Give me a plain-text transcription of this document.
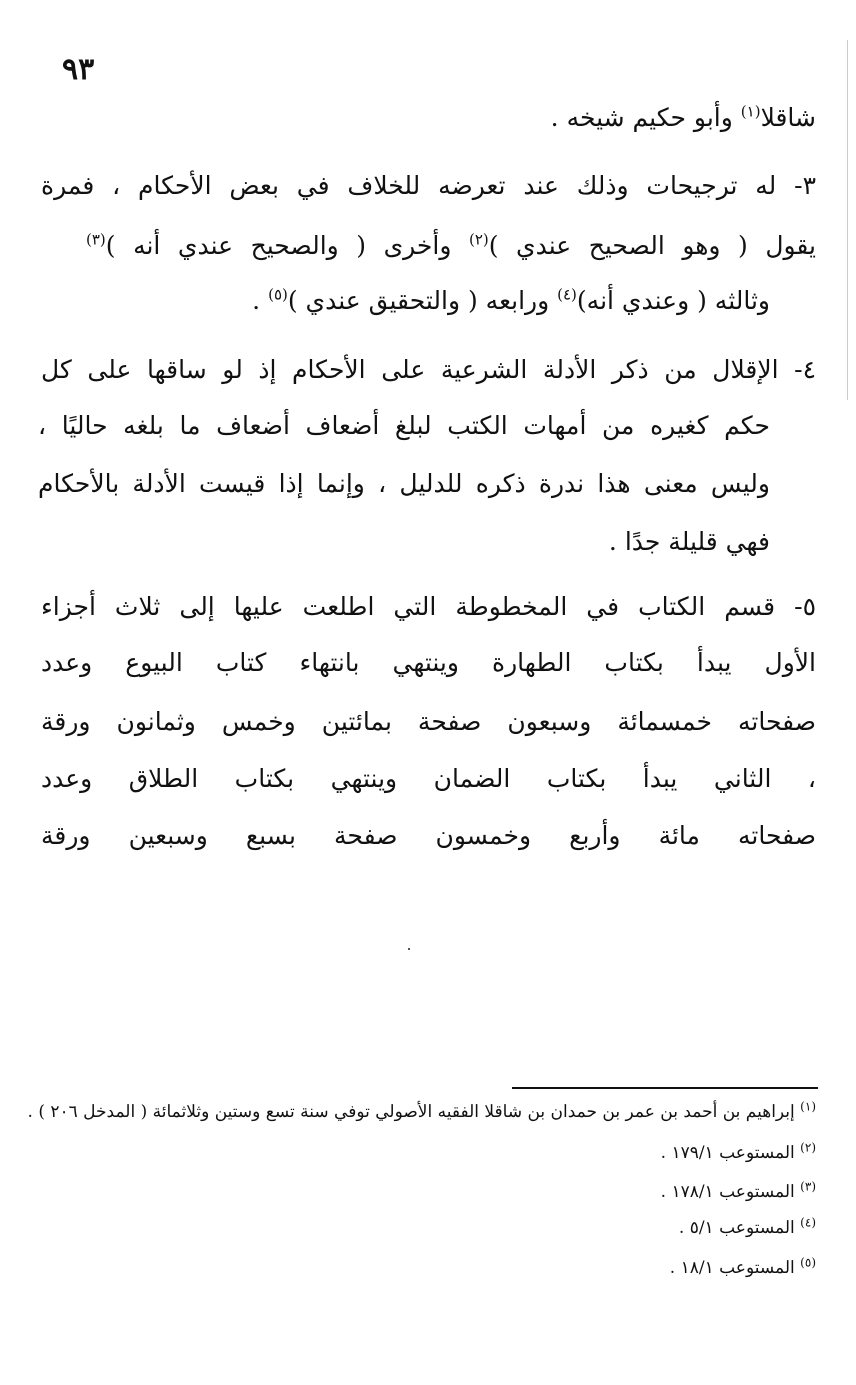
٩٣
شاقلا$^{(١)}$ وأبو حكيم شيخه .
٣- له ترجيحات وذلك عند تعرضه للخلاف في بعض الأحكام ، فمرة
يقول ( وهو الصحيح عندي )$^{(٢)}$ وأخرى ( والصحيح عندي أنه )$^{(٣)}$
وثالثه ( وعندي أنه)$^{(٤)}$ ورابعه ( والتحقيق عندي )$^{(٥)}$ .
٤- الإقلال من ذكر الأدلة الشرعية على الأحكام إذ لو ساقها على كل
حكم كغيره من أمهات الكتب لبلغ أضعاف أضعاف ما بلغه حاليًا ،
وليس معنى هذا ندرة ذكره للدليل ، وإنما إذا قيست الأدلة بالأحكام
فهي قليلة جدًا .
٥- قسم الكتاب في المخطوطة التي اطلعت عليها إلى ثلاث أجزاء
الأول يبدأ بكتاب الطهارة وينتهي بانتهاء كتاب البيوع وعدد
صفحاته خمسمائة وسبعون صفحة بمائتين وخمس وثمانون ورقة
، الثاني يبدأ بكتاب الضمان وينتهي بكتاب الطلاق وعدد
صفحاته مائة وأربع وخمسون صفحة بسبع وسبعين ورقة
$^{(١)}$ إبراهيم بن أحمد بن عمر بن حمدان بن شاقلا الفقيه الأصولي توفي سنة تسع وستين وثلاثمائة ( المدخل ٢٠٦ ) .
$^{(٢)}$ المستوعب ١٧٩/١ .
$^{(٣)}$ المستوعب ١٧٨/١ .
$^{(٤)}$ المستوعب ٥/١ .
$^{(٥)}$ المستوعب ١٨/١ .
